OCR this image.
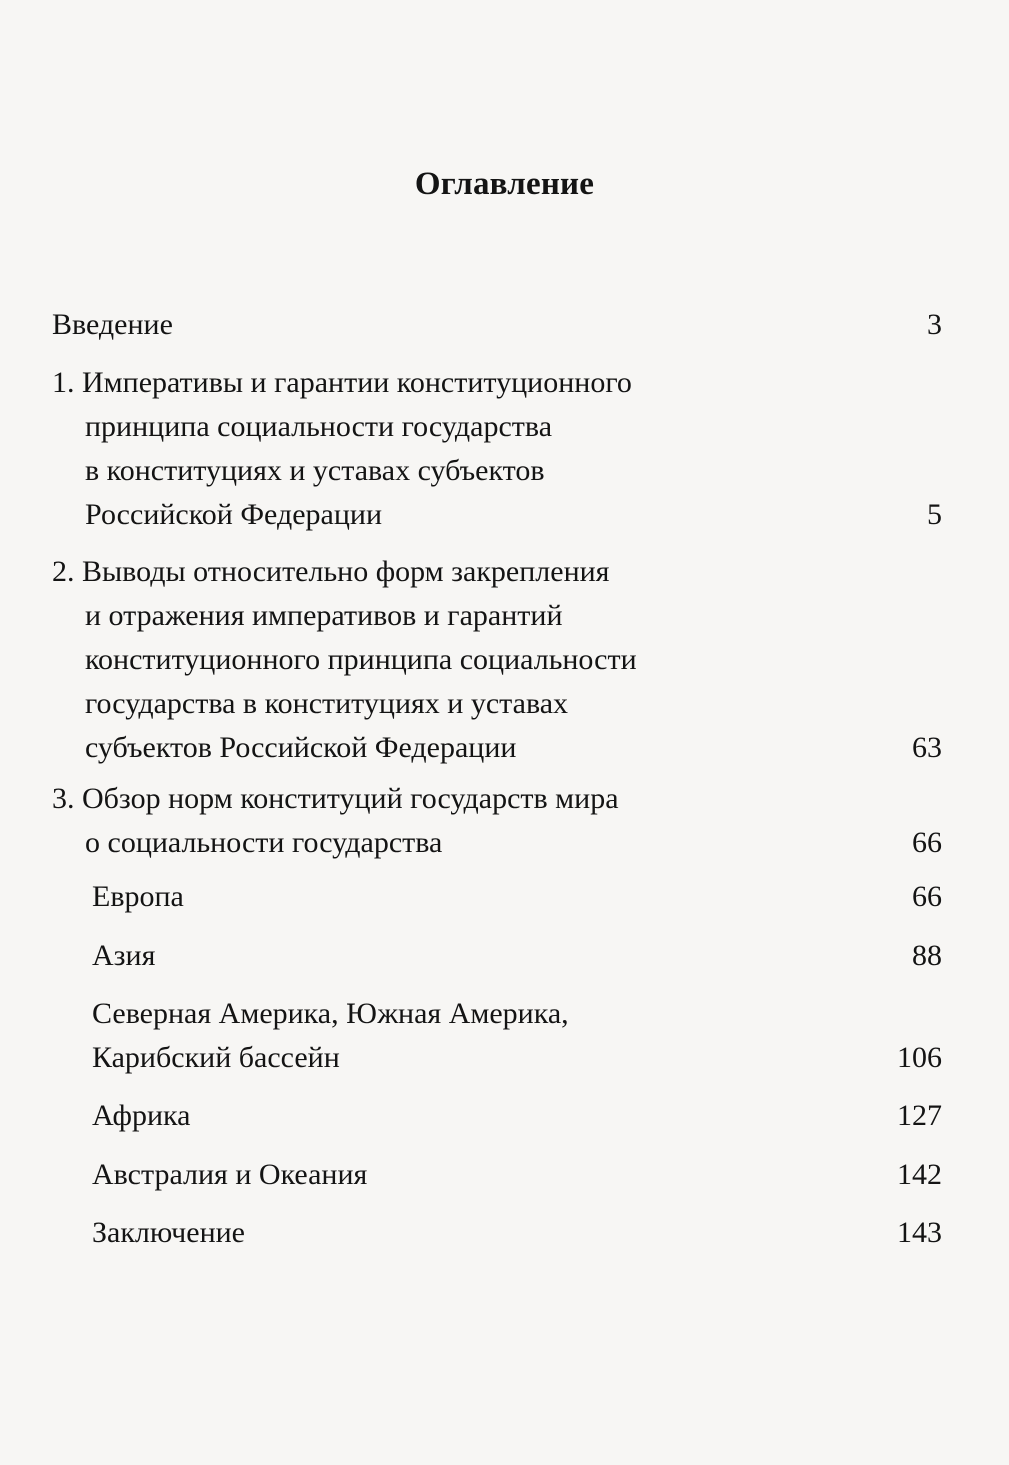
Оглавление
Введение	3
1. Императивы и гарантии конституционного
принципа социальности государства
в конституциях и уставах субъектов
Российской Федерации	5
2. Выводы относительно форм закрепления
и отражения императивов и гарантий
конституционного принципа социальности
государства в конституциях и уставах
субъектов Российской Федерации	63
3. Обзор норм конституций государств мира
о социальности государства	66
Европа	66
Азия	88
Северная Америка, Южная Америка,
Карибский бассейн	106
Африка	127
Австралия и Океания	142
Заключение	143
